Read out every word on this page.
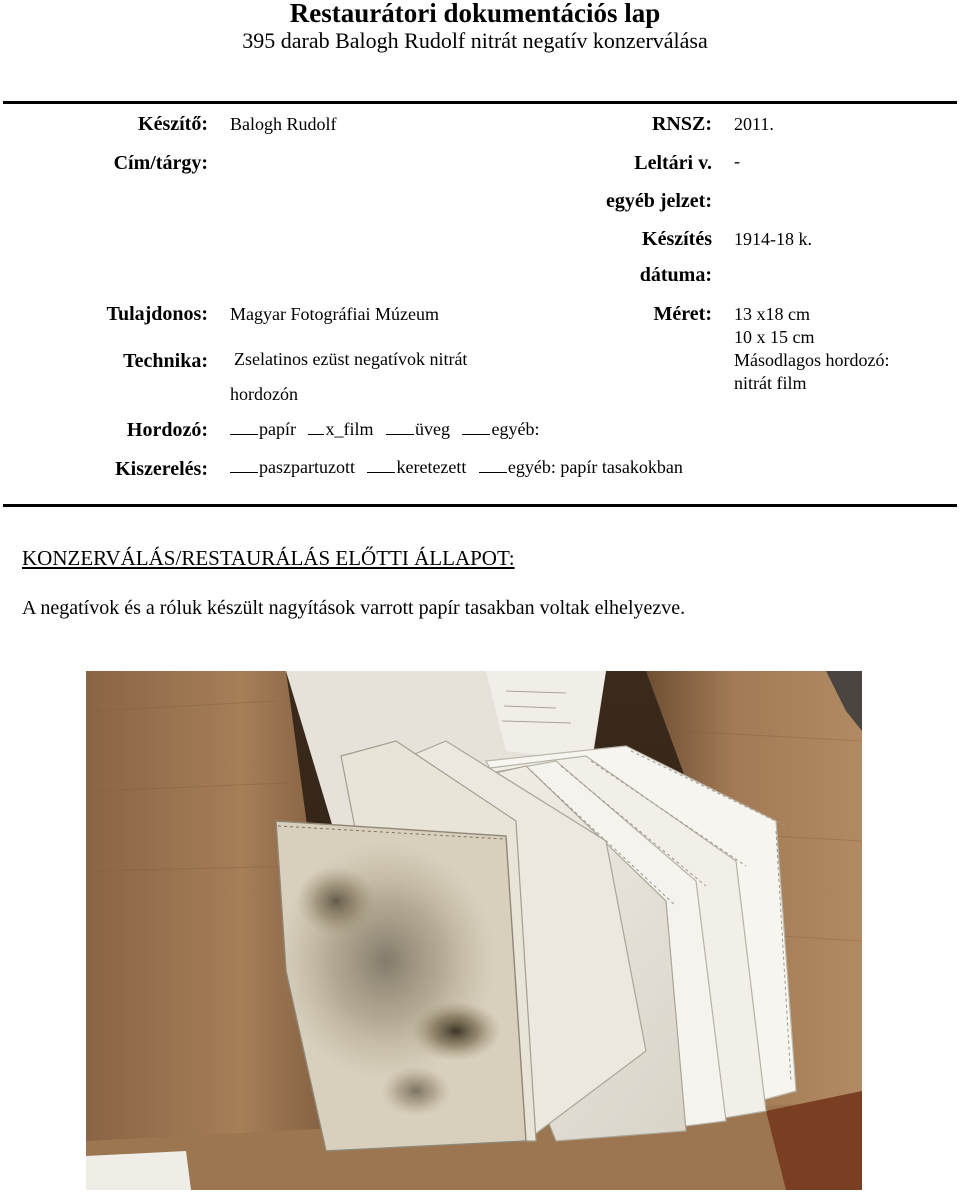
Restaurátori dokumentációs lap
395 darab Balogh Rudolf nitrát negatív konzerválása
Készítő: Balogh Rudolf	RNSZ: 2011.
Cím/tárgy:	Leltári v. -
egyéb jelzet:
Készítés 1914-18 k.
dátuma:
Tulajdonos: Magyar Fotográfiai Múzeum	Méret: 13 x18 cm
10 x 15 cm
Másodlagos hordozó:
nitrát film
Technika: Zselatinos ezüst negatívok nitrát
hordozón
Hordozó:	papír x_film üveg egyéb:
Kiszerelés:	paszpartuzott keretezett egyéb: papír tasakokban
KONZERVÁLÁS/RESTAURÁLÁS ELŐTTI ÁLLAPOT:
A negatívok és a róluk készült nagyítások varrott papír tasakban voltak elhelyezve.
